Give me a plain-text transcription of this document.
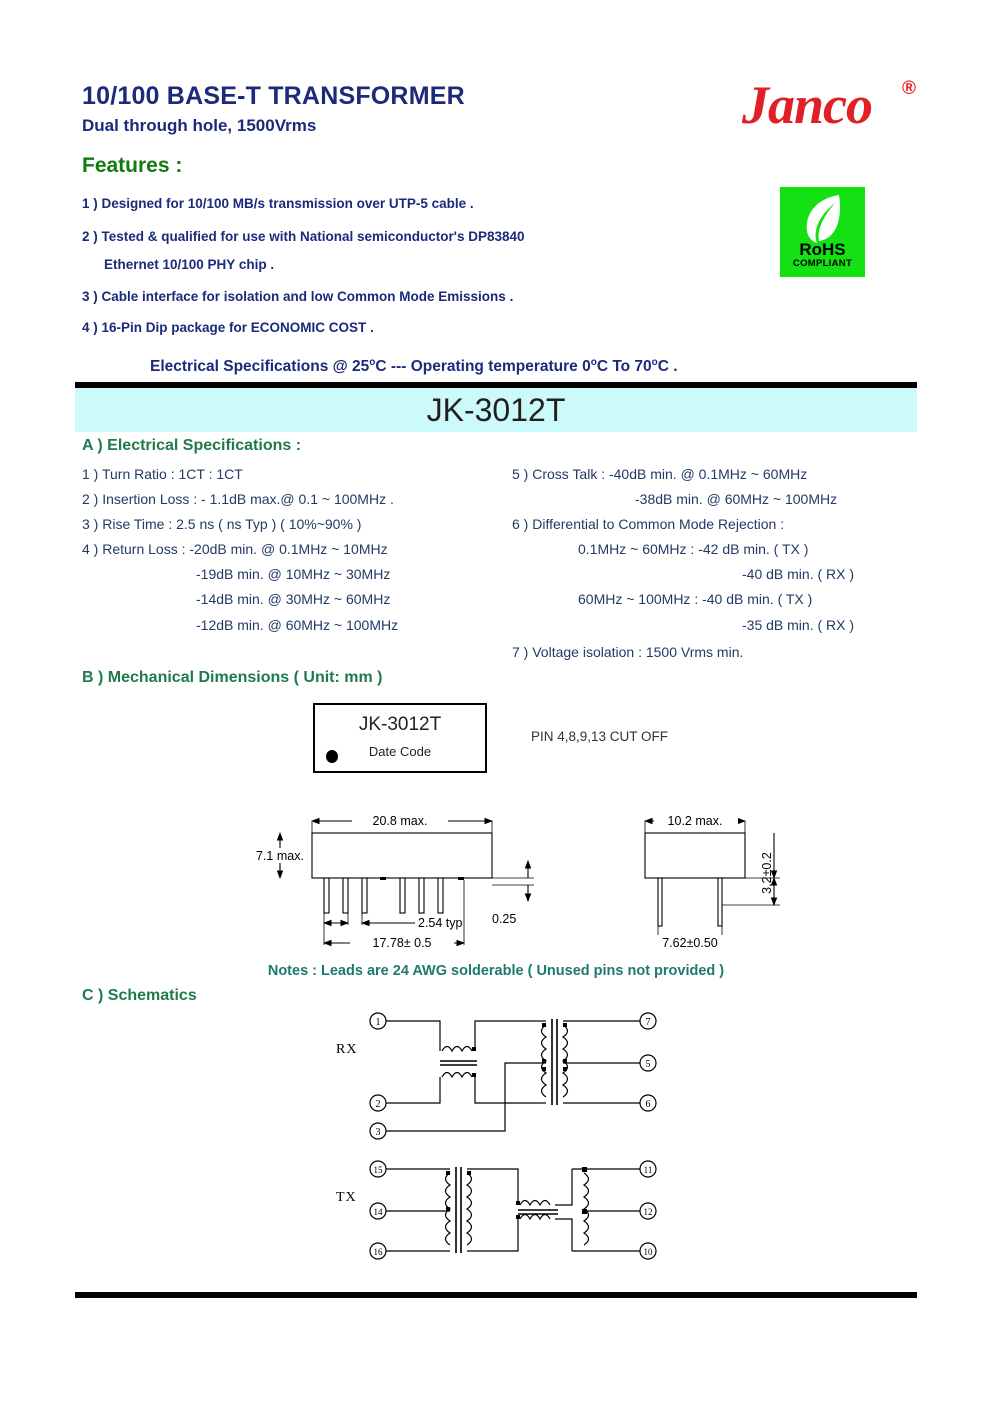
10/100 BASE-T TRANSFORMER
Dual through hole, 1500Vrms
Features :
1 ) Designed for 10/100 MB/s transmission over UTP-5 cable .
2 ) Tested & qualified for use with National semiconductor's DP83840
Ethernet 10/100 PHY chip .
3 ) Cable interface for isolation and low Common Mode Emissions .
4 ) 16-Pin Dip package for ECONOMIC COST .
Janco ®
RoHS
COMPLIANT
Electrical Specifications @ 25$^o$C --- Operating temperature 0$^o$C To 70$^o$C .
JK-3012T
A ) Electrical Specifications :
1 ) Turn Ratio : 1CT : 1CT
2 ) Insertion Loss : - 1.1dB max.@ 0.1 ~ 100MHz .
3 ) Rise Time : 2.5 ns ( ns Typ ) ( 10%~90% )
4 ) Return Loss : -20dB min. @ 0.1MHz ~ 10MHz
-19dB min. @ 10MHz ~ 30MHz
-14dB min. @ 30MHz ~ 60MHz
-12dB min. @ 60MHz ~ 100MHz
5 ) Cross Talk : -40dB min. @ 0.1MHz ~ 60MHz
-38dB min. @ 60MHz ~ 100MHz
6 ) Differential to Common Mode Rejection :
0.1MHz ~ 60MHz : -42 dB min. ( TX )
-40 dB min. ( RX )
60MHz ~ 100MHz : -40 dB min. ( TX )
-35 dB min. ( RX )
7 ) Voltage isolation : 1500 Vrms min.
B ) Mechanical Dimensions ( Unit: mm )
JK-3012T
Date Code
PIN 4,8,9,13 CUT OFF
20.8 max.
7.1 max.
2.54 typ
17.78± 0.5
0.25
10.2 max.
3.2±0.2
7.62±0.50
Notes : Leads are 24 AWG solderable ( Unused pins not provided )
C ) Schematics
RX
1
2
3
7
5
6
TX
15
14
16
11
12
10
